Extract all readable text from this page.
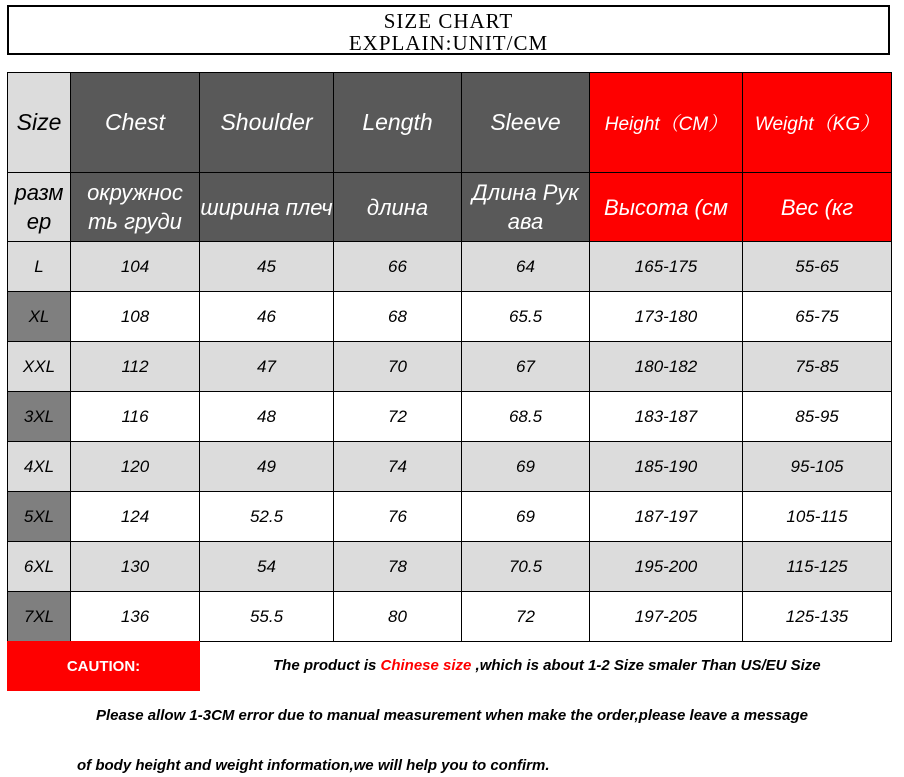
SIZE CHART
EXPLAIN:UNIT/CM
Size	Chest	Shoulder	Length	Sleeve	Height（CM）	Weight（KG）
разм ер	окружнос ть груди	ширина плеч	длина	Длина Рук ава	Высота (см	Вес (кг
L	104	45	66	64	165-175	55-65
XL	108	46	68	65.5	173-180	65-75
XXL	112	47	70	67	180-182	75-85
3XL	116	48	72	68.5	183-187	85-95
4XL	120	49	74	69	185-190	95-105
5XL	124	52.5	76	69	187-197	105-115
6XL	130	54	78	70.5	195-200	115-125
7XL	136	55.5	80	72	197-205	125-135
CAUTION:	The product is Chinese size ,which is about 1-2 Size smaler Than US/EU Size
Please allow 1-3CM error due to manual measurement when make the order,please leave a message
of body height and weight information,we will help you to confirm.
